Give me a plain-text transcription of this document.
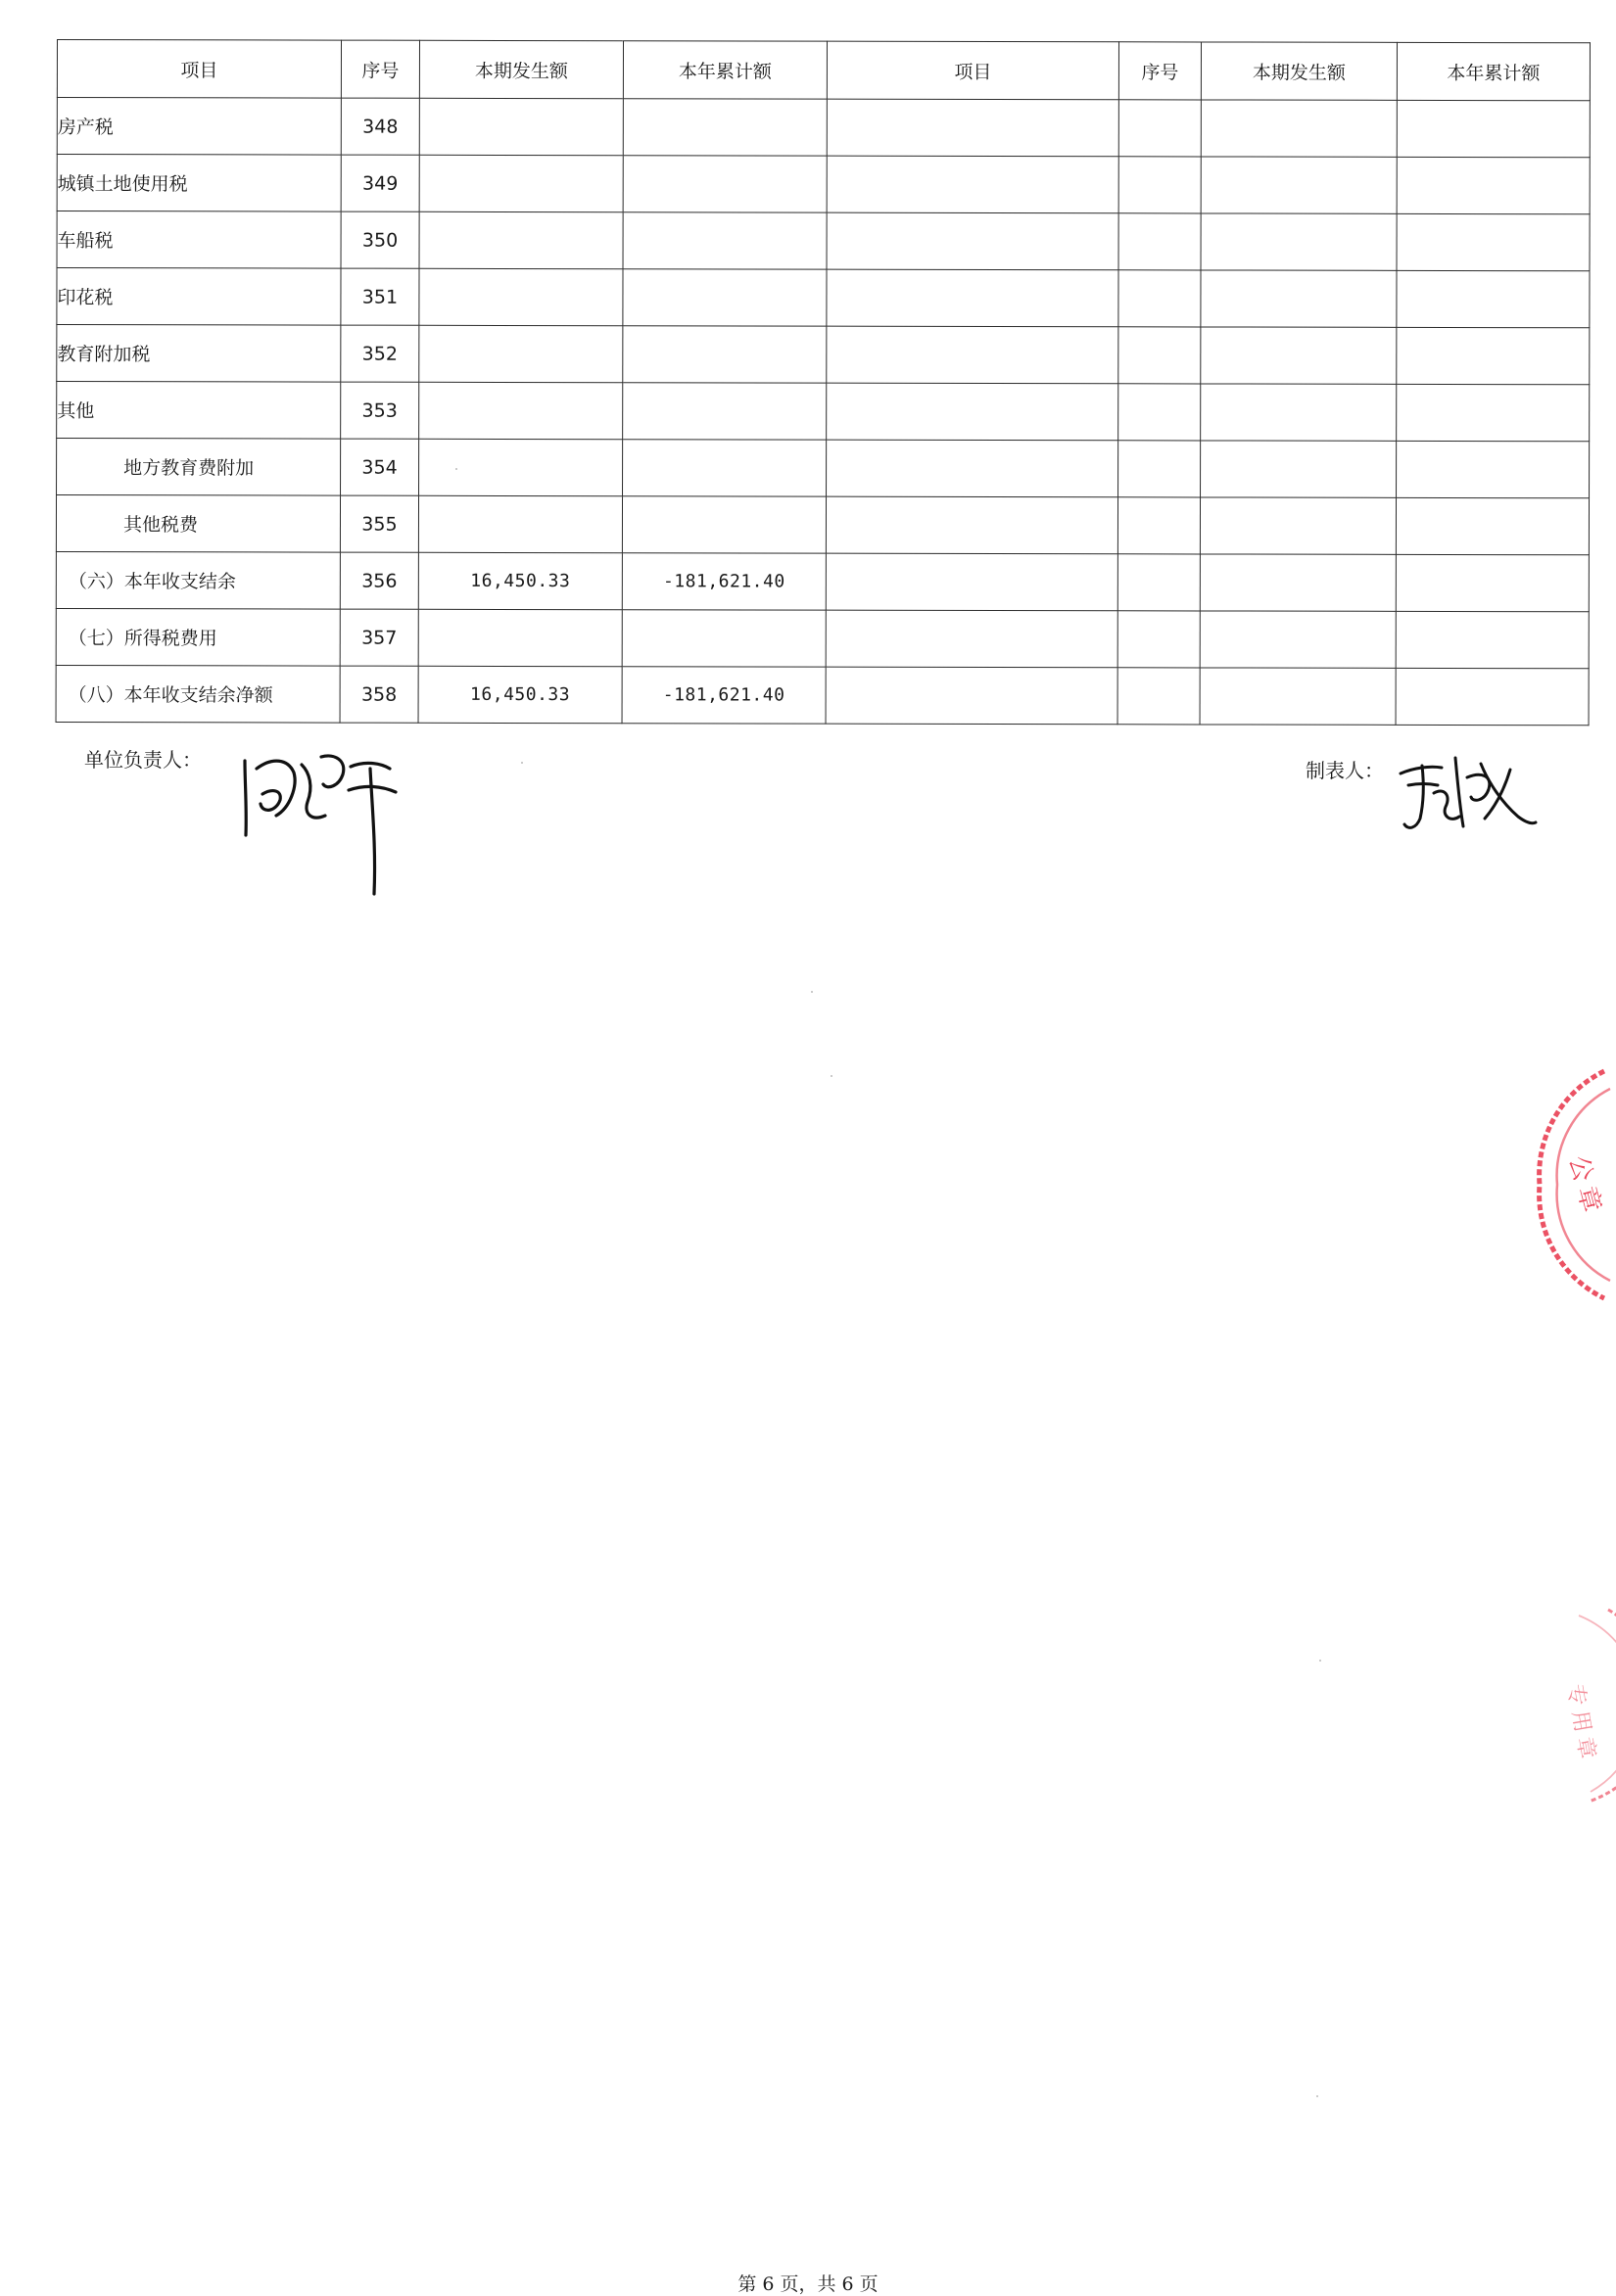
项目	序号	本期发生额	本年累计额	项目	序号	本期发生额	本年累计额
房产税	348						
城镇土地使用税	349						
车船税	350						
印花税	351						
教育附加税	352						
其他	353						
地方教育费附加	354						
其他税费	355						
（六）本年收支结余	356	16,450.33	-181,621.40				
（七）所得税费用	357						
（八）本年收支结余净额	358	16,450.33	-181,621.40				
单位负责人：	制表人：
公 章
专 用 章
第 6 页，共 6 页
